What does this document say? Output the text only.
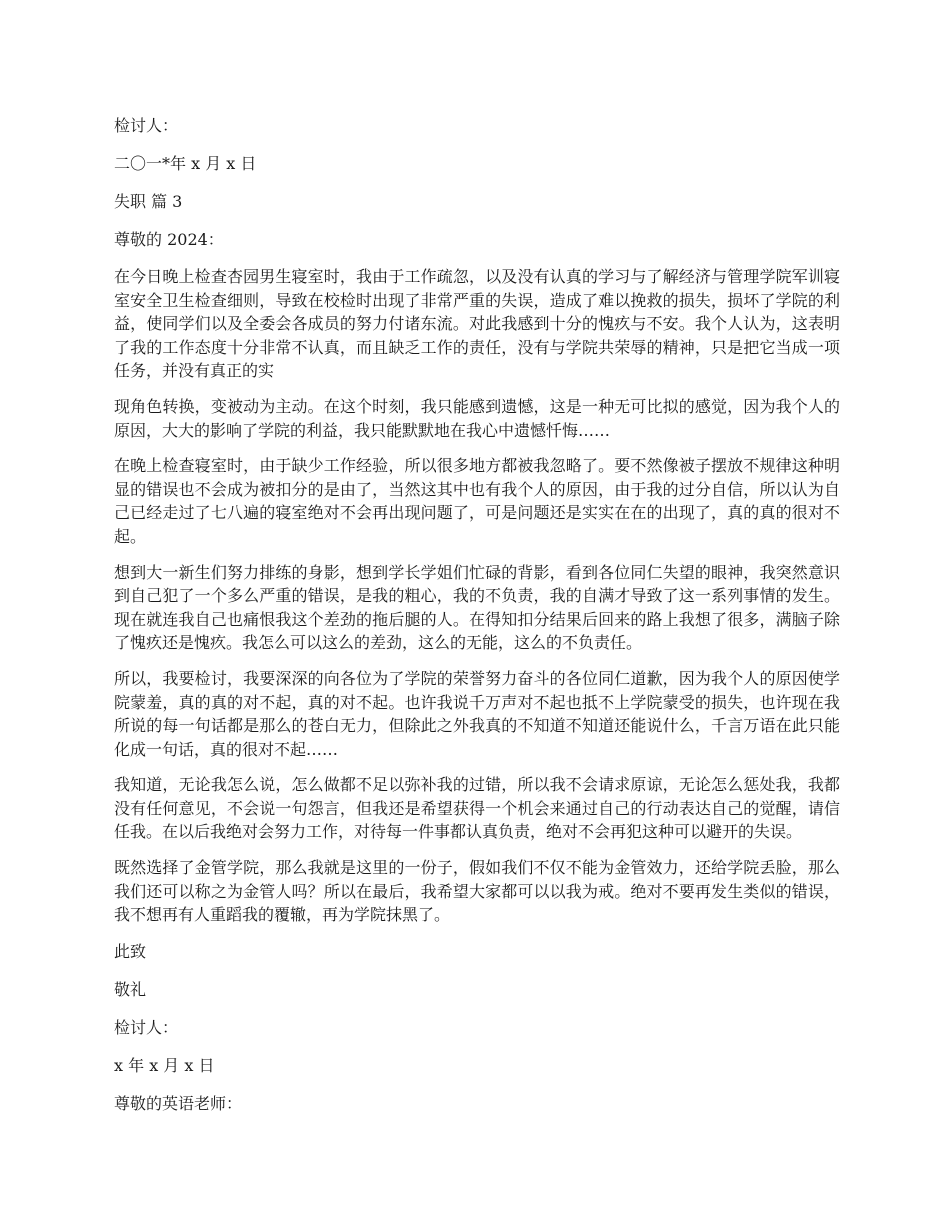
检讨人：

二〇一*年 x 月 x 日

失职 篇 3

尊敬的 2024：

在今日晚上检查杏园男生寝室时，我由于工作疏忽，以及没有认真的学习与了解经济与管理学院军训寝室安全卫生检查细则，导致在校检时出现了非常严重的失误，造成了难以挽救的损失，损坏了学院的利益，使同学们以及全委会各成员的努力付诸东流。对此我感到十分的愧疚与不安。我个人认为，这表明了我的工作态度十分非常不认真，而且缺乏工作的责任，没有与学院共荣辱的精神，只是把它当成一项任务，并没有真正的实

现角色转换，变被动为主动。在这个时刻，我只能感到遗憾，这是一种无可比拟的感觉，因为我个人的原因，大大的影响了学院的利益，我只能默默地在我心中遗憾忏悔……

在晚上检查寝室时，由于缺少工作经验，所以很多地方都被我忽略了。要不然像被子摆放不规律这种明显的错误也不会成为被扣分的是由了，当然这其中也有我个人的原因，由于我的过分自信，所以认为自己已经走过了七八遍的寝室绝对不会再出现问题了，可是问题还是实实在在的出现了，真的真的很对不起。

想到大一新生们努力排练的身影，想到学长学姐们忙碌的背影，看到各位同仁失望的眼神，我突然意识到自己犯了一个多么严重的错误，是我的粗心，我的不负责，我的自满才导致了这一系列事情的发生。现在就连我自己也痛恨我这个差劲的拖后腿的人。在得知扣分结果后回来的路上我想了很多，满脑子除了愧疚还是愧疚。我怎么可以这么的差劲，这么的无能，这么的不负责任。

所以，我要检讨，我要深深的向各位为了学院的荣誉努力奋斗的各位同仁道歉，因为我个人的原因使学院蒙羞，真的真的对不起，真的对不起。也许我说千万声对不起也抵不上学院蒙受的损失，也许现在我所说的每一句话都是那么的苍白无力，但除此之外我真的不知道不知道还能说什么，千言万语在此只能化成一句话，真的很对不起……

我知道，无论我怎么说，怎么做都不足以弥补我的过错，所以我不会请求原谅，无论怎么惩处我，我都没有任何意见，不会说一句怨言，但我还是希望获得一个机会来通过自己的行动表达自己的觉醒，请信任我。在以后我绝对会努力工作，对待每一件事都认真负责，绝对不会再犯这种可以避开的失误。

既然选择了金管学院，那么我就是这里的一份子，假如我们不仅不能为金管效力，还给学院丢脸，那么我们还可以称之为金管人吗？所以在最后，我希望大家都可以以我为戒。绝对不要再发生类似的错误，我不想再有人重蹈我的覆辙，再为学院抹黑了。

此致

敬礼

检讨人：

x 年 x 月 x 日

尊敬的英语老师：
